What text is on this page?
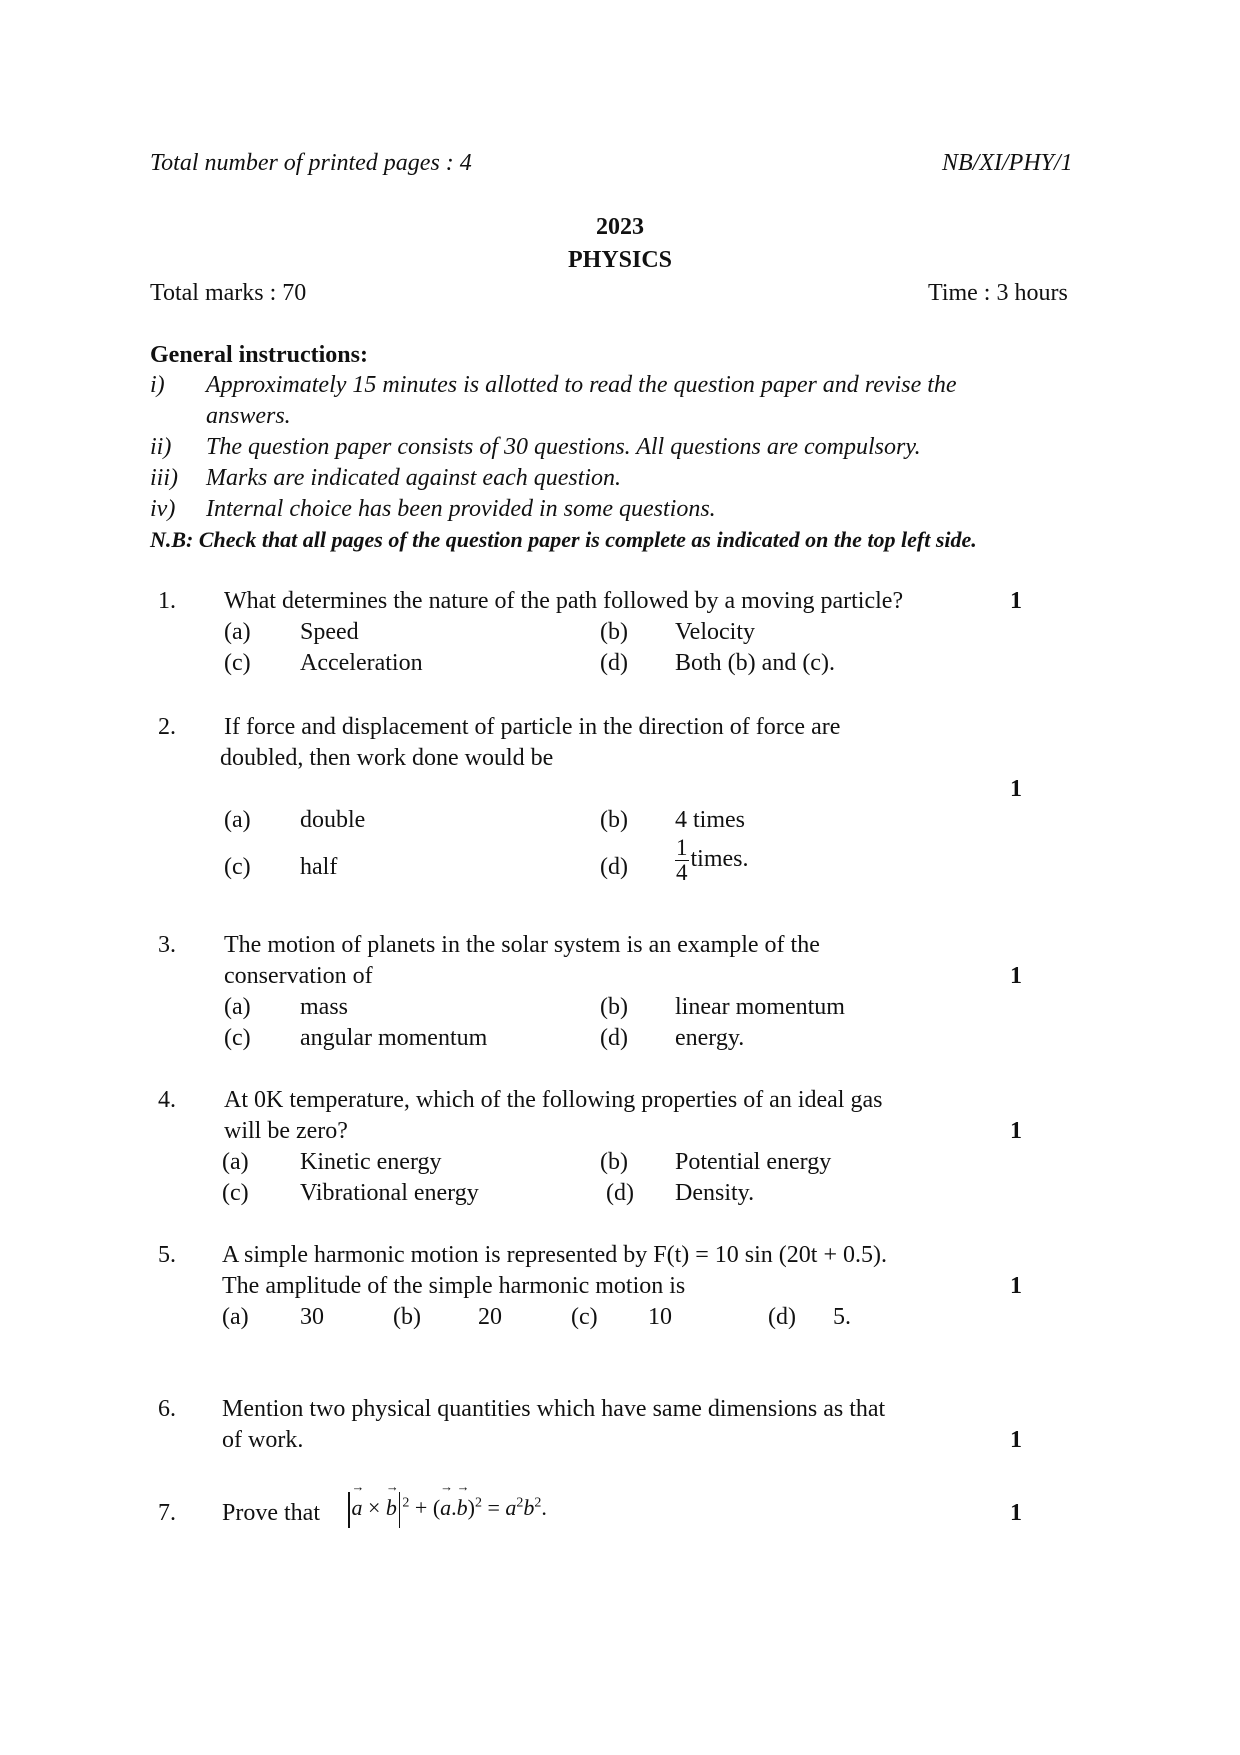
Total number of printed pages : 4	NB/XI/PHY/1
2023
PHYSICS
Total marks : 70	Time : 3 hours
General instructions:
i) Approximately 15 minutes is allotted to read the question paper and revise the
answers.
ii) The question paper consists of 30 questions. All questions are compulsory.
iii) Marks are indicated against each question.
iv) Internal choice has been provided in some questions.
N.B: Check that all pages of the question paper is complete as indicated on the top left side.
1. What determines the nature of the path followed by a moving particle?	1
(a) Speed	(b) Velocity
(c) Acceleration	(d) Both (b) and (c).
2. If force and displacement of particle in the direction of force are
doubled, then work done would be
1
(a) double	(b) 4 times
(c) half	$(d) \frac{1}{4}$ times.
3. The motion of planets in the solar system is an example of the
conservation of	1
(a) mass	(b) linear momentum
(c) angular momentum	(d) energy.
4. At 0K temperature, which of the following properties of an ideal gas
will be zero?	1
(a) Kinetic energy	(b) Potential energy
(c) Vibrational energy	(d) Density.
5. A simple harmonic motion is represented by F(t) = 10 sin (20t + 0.5).
The amplitude of the simple harmonic motion is	1
(a) 30	(b) 20	(c) 10	(d) 5.
6. Mention two physical quantities which have same dimensions as that
of work.	1
7. Prove that → a × → b $^2$ + (→ $a.\to b)^2 = a^2b^2$.	1
